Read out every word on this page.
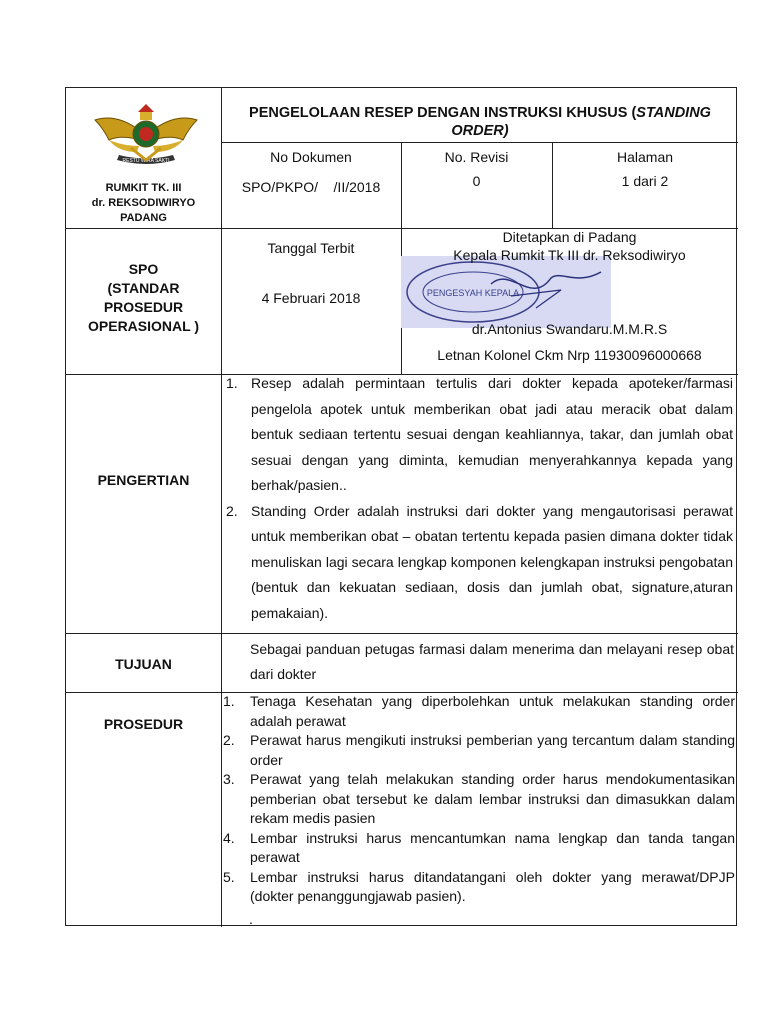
RESTU WIRA SAKTI
RUMKIT TK. III
dr. REKSODIWIRYO
PADANG
PENGELOLAAN RESEP DENGAN INSTRUKSI KHUSUS (STANDING ORDER)
No Dokumen
SPO/PKPO/    /II/2018
No. Revisi
0
Halaman
1 dari 2
SPO
(STANDAR
PROSEDUR
OPERASIONAL )
Tanggal Terbit
4 Februari 2018	PENGESYAH KEPALA
Ditetapkan di Padang
Kepala Rumkit Tk III dr. Reksodiwiryo
dr.Antonius Swandaru.M.M.R.S
Letnan Kolonel Ckm Nrp 11930096000668
PENGERTIAN
1. Resep adalah permintaan tertulis dari dokter kepada apoteker/farmasi pengelola apotek untuk memberikan obat jadi atau meracik obat dalam bentuk sediaan tertentu sesuai dengan keahliannya, takar, dan jumlah obat sesuai dengan yang diminta, kemudian menyerahkannya kepada yang berhak/pasien..
2. Standing Order adalah instruksi dari dokter yang mengautorisasi perawat untuk memberikan obat – obatan tertentu kepada pasien dimana dokter tidak menuliskan lagi secara lengkap komponen kelengkapan instruksi pengobatan (bentuk dan kekuatan sediaan, dosis dan jumlah obat, signature,aturan pemakaian).
TUJUAN
Sebagai panduan petugas farmasi dalam menerima dan melayani resep obat dari dokter
PROSEDUR
1. Tenaga Kesehatan yang diperbolehkan untuk melakukan standing order adalah perawat
2. Perawat harus mengikuti instruksi pemberian yang tercantum dalam standing order
3. Perawat yang telah melakukan standing order harus mendokumentasikan pemberian obat tersebut ke dalam lembar instruksi dan dimasukkan dalam rekam medis pasien
4. Lembar instruksi harus mencantumkan nama lengkap dan tanda tangan perawat
5. Lembar instruksi harus ditandatangani oleh dokter yang merawat/DPJP (dokter penanggungjawab pasien).
.
